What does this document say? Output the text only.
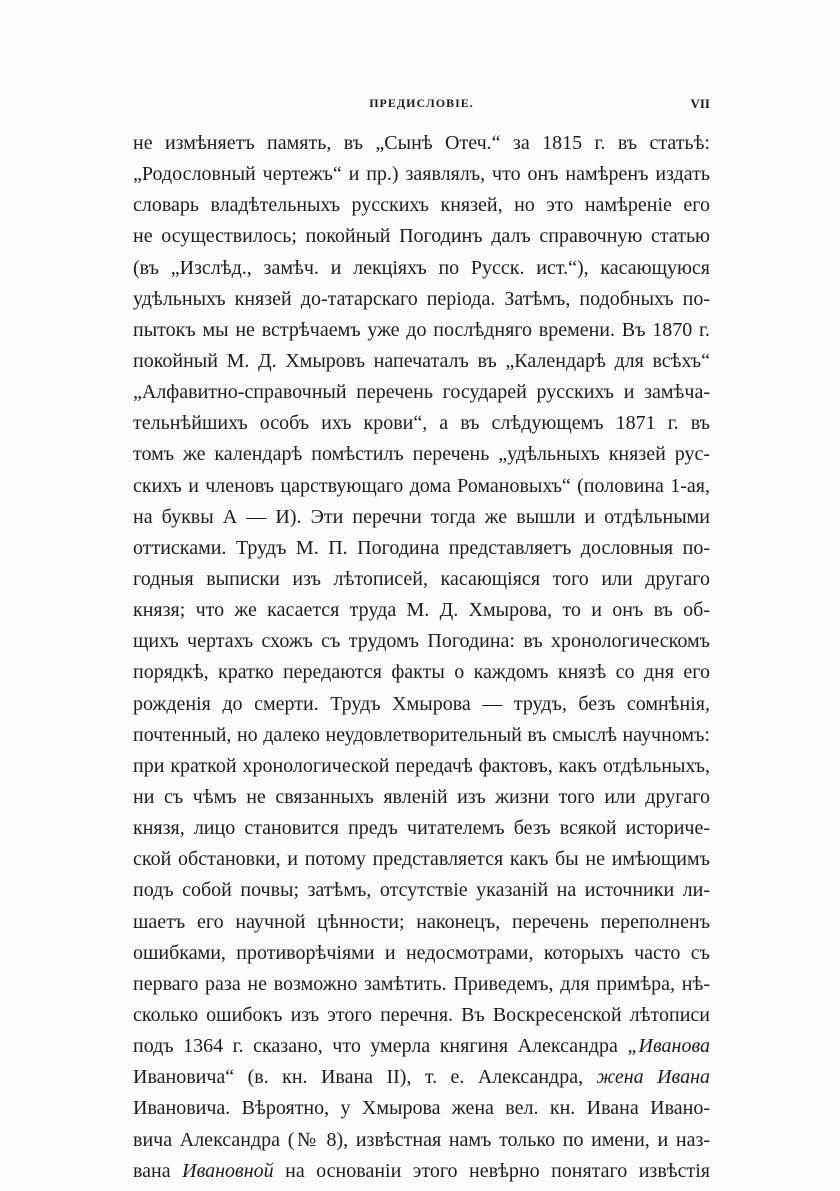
ПРЕДИСЛОВІЕ.	VII
не измѣняетъ память, въ „Сынѣ Отеч.“ за 1815 г. въ статьѣ:
„Родословный чертежъ“ и пр.) заявлялъ, что онъ намѣренъ издать
словарь владѣтельныхъ русскихъ князей, но это намѣреніе его
не осуществилось; покойный Погодинъ далъ справочную статью
(въ „Изслѣд., замѣч. и лекціяхъ по Русск. ист.“), касающуюся
удѣльныхъ князей до-татарскаго періода. Затѣмъ, подобныхъ по-
пытокъ мы не встрѣчаемъ уже до послѣдняго времени. Въ 1870 г.
покойный М. Д. Хмыровъ напечаталъ въ „Календарѣ для всѣхъ“
„Алфавитно-справочный перечень государей русскихъ и замѣча-
тельнѣйшихъ особъ ихъ крови“, а въ слѣдующемъ 1871 г. въ
томъ же календарѣ помѣстилъ перечень „удѣльныхъ князей рус-
скихъ и членовъ царствующаго дома Романовыхъ“ (половина 1-ая,
на буквы А — И). Эти перечни тогда же вышли и отдѣльными
оттисками. Трудъ М. П. Погодина представляетъ дословныя по-
годныя выписки изъ лѣтописей, касающіяся того или другаго
князя; что же касается труда М. Д. Хмырова, то и онъ въ об-
щихъ чертахъ схожъ съ трудомъ Погодина: въ хронологическомъ
порядкѣ, кратко передаются факты о каждомъ князѣ со дня его
рожденія до смерти. Трудъ Хмырова — трудъ, безъ сомнѣнія,
почтенный, но далеко неудовлетворительный въ смыслѣ научномъ:
при краткой хронологической передачѣ фактовъ, какъ отдѣльныхъ,
ни съ чѣмъ не связанныхъ явленій изъ жизни того или другаго
князя, лицо становится предъ читателемъ безъ всякой историче-
ской обстановки, и потому представляется какъ бы не имѣющимъ
подъ собой почвы; затѣмъ, отсутствіе указаній на источники ли-
шаетъ его научной цѣнности; наконецъ, перечень переполненъ
ошибками, противорѣчіями и недосмотрами, которыхъ часто съ
перваго раза не возможно замѣтить. Приведемъ, для примѣра, нѣ-
сколько ошибокъ изъ этого перечня. Въ Воскресенской лѣтописи
подъ 1364 г. сказано, что умерла княгиня Александра „Иванова
Ивановича“ (в. кн. Ивана II), т. е. Александра, жена Ивана
Ивановича. Вѣроятно, у Хмырова жена вел. кн. Ивана Ивано-
вича Александра (№ 8), извѣстная намъ только по имени, и наз-
вана Ивановной на основаніи этого невѣрно понятаго извѣстія
